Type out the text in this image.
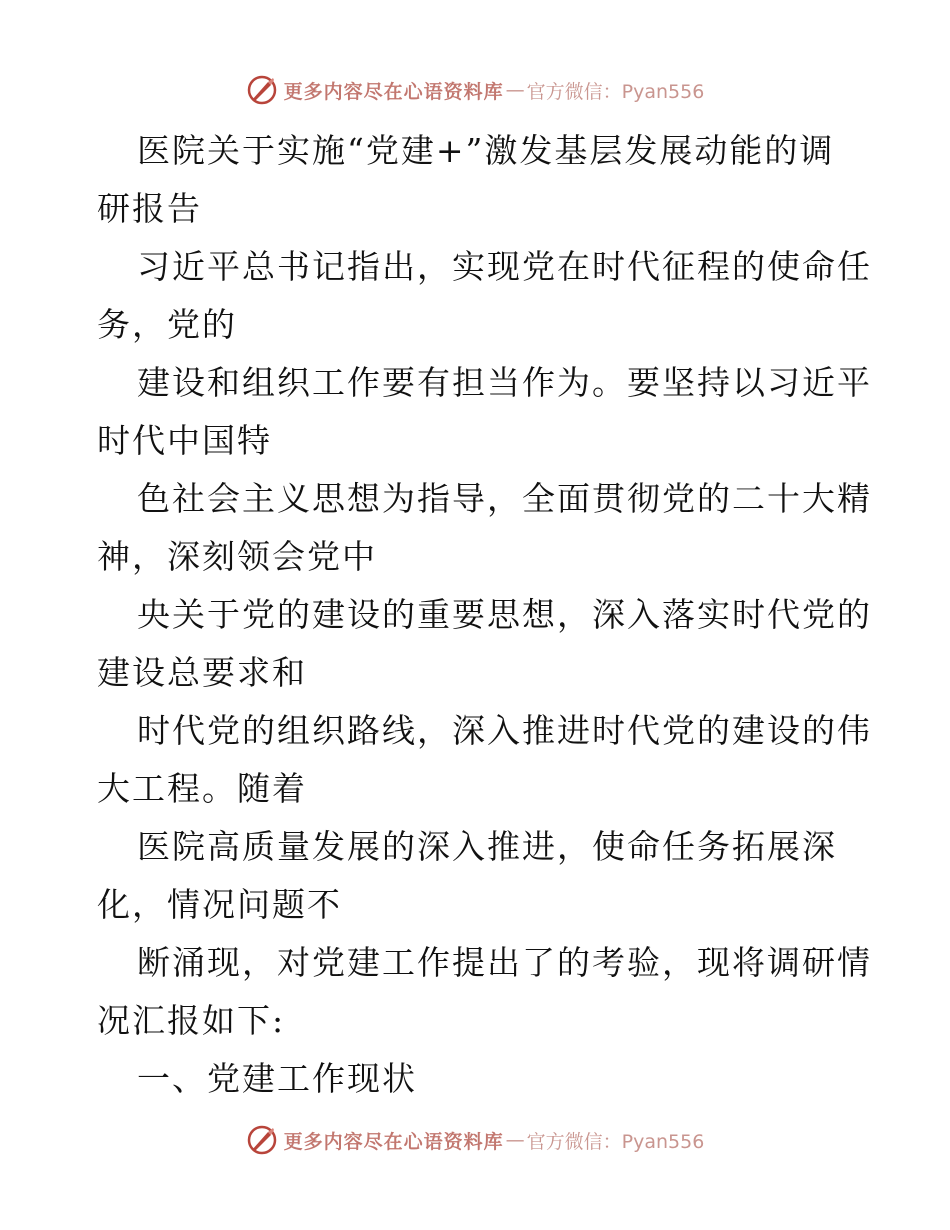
更多内容尽在心语资料库 — 官方微信：Pyan556
医院关于实施“党建+”激发基层发展动能的调
研报告
习近平总书记指出，实现党在时代征程的使命任
务，党的
建设和组织工作要有担当作为。要坚持以习近平
时代中国特
色社会主义思想为指导，全面贯彻党的二十大精
神，深刻领会党中
央关于党的建设的重要思想，深入落实时代党的
建设总要求和
时代党的组织路线，深入推进时代党的建设的伟
大工程。随着
医院高质量发展的深入推进，使命任务拓展深
化，情况问题不
断涌现，对党建工作提出了的考验，现将调研情
况汇报如下:
一、党建工作现状
更多内容尽在心语资料库 — 官方微信：Pyan556
